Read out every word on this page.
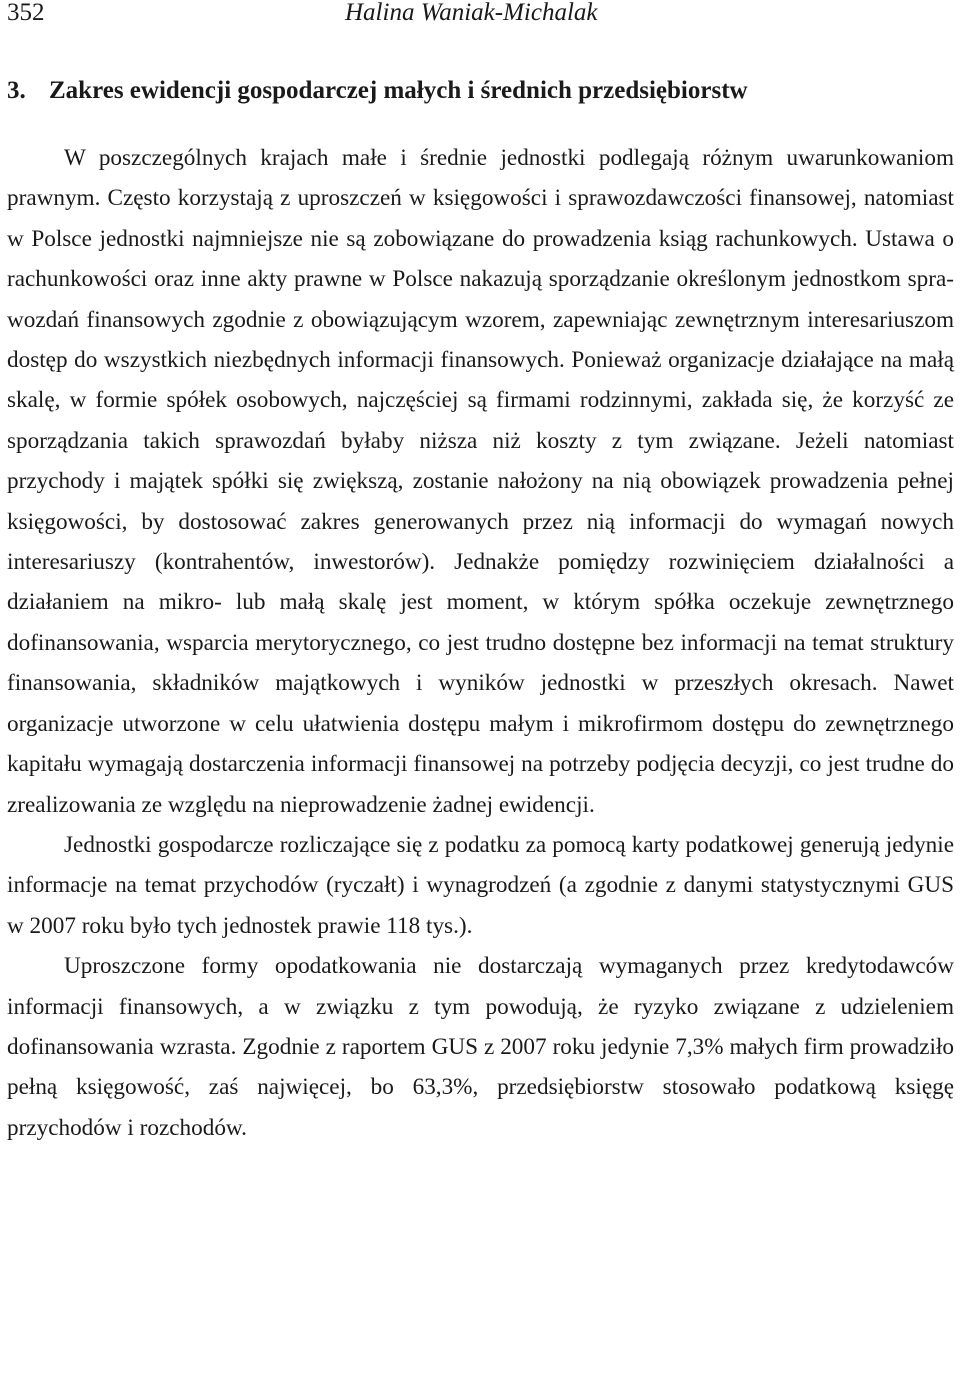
352	Halina Waniak-Michalak
3. Zakres ewidencji gospodarczej małych i średnich przedsiębiorstw

W poszczególnych krajach małe i średnie jednostki podlegają różnym uwarunkowaniom prawnym. Często korzystają z uproszczeń w księgowości i sprawozdawczości finansowej, natomiast w Polsce jednostki najmniejsze nie są zobowiązane do prowadzenia ksiąg rachunkowych. Ustawa o rachunkowości oraz inne akty prawne w Polsce nakazują sporządzanie określonym jednostkom sprawozdań finansowych zgodnie z obowiązującym wzorem, zapewniając zewnętrznym interesariuszom dostęp do wszystkich niezbędnych informacji finansowych. Ponieważ organizacje działające na małą skalę, w formie spółek osobowych, najczęściej są firmami rodzinnymi, zakłada się, że korzyść ze sporządzania takich sprawozdań byłaby niższa niż koszty z tym związane. Jeżeli natomiast przychody i majątek spółki się zwiększą, zostanie nałożony na nią obowiązek prowadzenia pełnej księgowości, by dostosować zakres generowanych przez nią informacji do wymagań nowych interesariuszy (kontrahentów, inwestorów). Jednakże pomiędzy rozwinięciem działalności a działaniem na mikro- lub małą skalę jest moment, w którym spółka oczekuje zewnętrznego dofinansowania, wsparcia merytorycznego, co jest trudno dostępne bez informacji na temat struktury finansowania, składników majątkowych i wyników jednostki w przeszłych okresach. Nawet organizacje utworzone w celu ułatwienia dostępu małym i mikrofirmom dostępu do zewnętrznego kapitału wymagają dostarczenia informacji finansowej na potrzeby podjęcia decyzji, co jest trudne do zrealizowania ze względu na nieprowadzenie żadnej ewidencji.

Jednostki gospodarcze rozliczające się z podatku za pomocą karty podatkowej generują jedynie informacje na temat przychodów (ryczałt) i wynagrodzeń (a zgodnie z danymi statystycznymi GUS w 2007 roku było tych jednostek prawie 118 tys.).

Uproszczone formy opodatkowania nie dostarczają wymaganych przez kredytodawców informacji finansowych, a w związku z tym powodują, że ryzyko związane z udzieleniem dofinansowania wzrasta. Zgodnie z raportem GUS z 2007 roku jedynie 7,3% małych firm prowadziło pełną księgowość, zaś najwięcej, bo 63,3%, przedsiębiorstw stosowało podatkową księgę przychodów i rozchodów.
